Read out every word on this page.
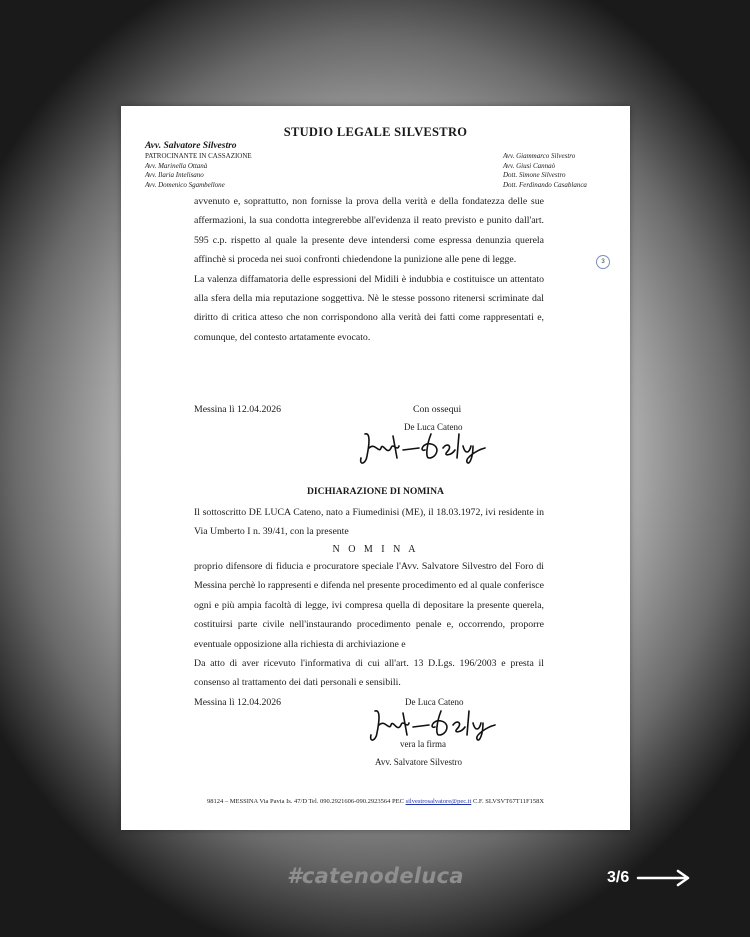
STUDIO LEGALE SILVESTRO
Avv. Salvatore Silvestro
PATROCINANTE IN CASSAZIONE
Avv. Marinella Ottanà
Avv. Ilaria Intelisano
Avv. Domenico Sgambellone
Avv. Giammarco Silvestro
Avv. Giusi Cannaò
Dott. Simone Silvestro
Dott. Ferdinando Casablanca
3

avvenuto e, soprattutto, non fornisse la prova della verità e della fondatezza delle sue affermazioni, la sua condotta integrerebbe all'evidenza il reato previsto e punito dall'art. 595 c.p. rispetto al quale la presente deve intendersi come espressa denunzia querela affinchè si proceda nei suoi confronti chiedendone la punizione alle pene di legge.

La valenza diffamatoria delle espressioni del Midili è indubbia e costituisce un attentato alla sfera della mia reputazione soggettiva. Nè le stesse possono ritenersi scriminate dal diritto di critica atteso che non corrispondono alla verità dei fatti come rappresentati e, comunque, del contesto artatamente evocato.

Messina lì 12.04.2026	Con ossequi
De Luca Cateno
DICHIARAZIONE DI NOMINA

Il sottoscritto DE LUCA Cateno, nato a Fiumedinisi (ME), il 18.03.1972, ivi residente in Via Umberto I n. 39/41, con la presente

N O M I N A

proprio difensore di fiducia e procuratore speciale l'Avv. Salvatore Silvestro del Foro di Messina perchè lo rappresenti e difenda nel presente procedimento ed al quale conferisce ogni e più ampia facoltà di legge, ivi compresa quella di depositare la presente querela, costituirsi parte civile nell'instaurando procedimento penale e, occorrendo, proporre eventuale opposizione alla richiesta di archiviazione e

Da atto di aver ricevuto l'informativa di cui all'art. 13 D.Lgs. 196/2003 e presta il consenso al trattamento dei dati personali e sensibili.

Messina lì 12.04.2026	De Luca Cateno
vera la firma
Avv. Salvatore Silvestro
98124 – MESSINA Via Pavia Is. 47/D Tel. 090.2921606-090.2923564 PEC silvestrosalvatore@pec.it C.F. SLVSVT67T11F158X
#catenodeluca	3/6
